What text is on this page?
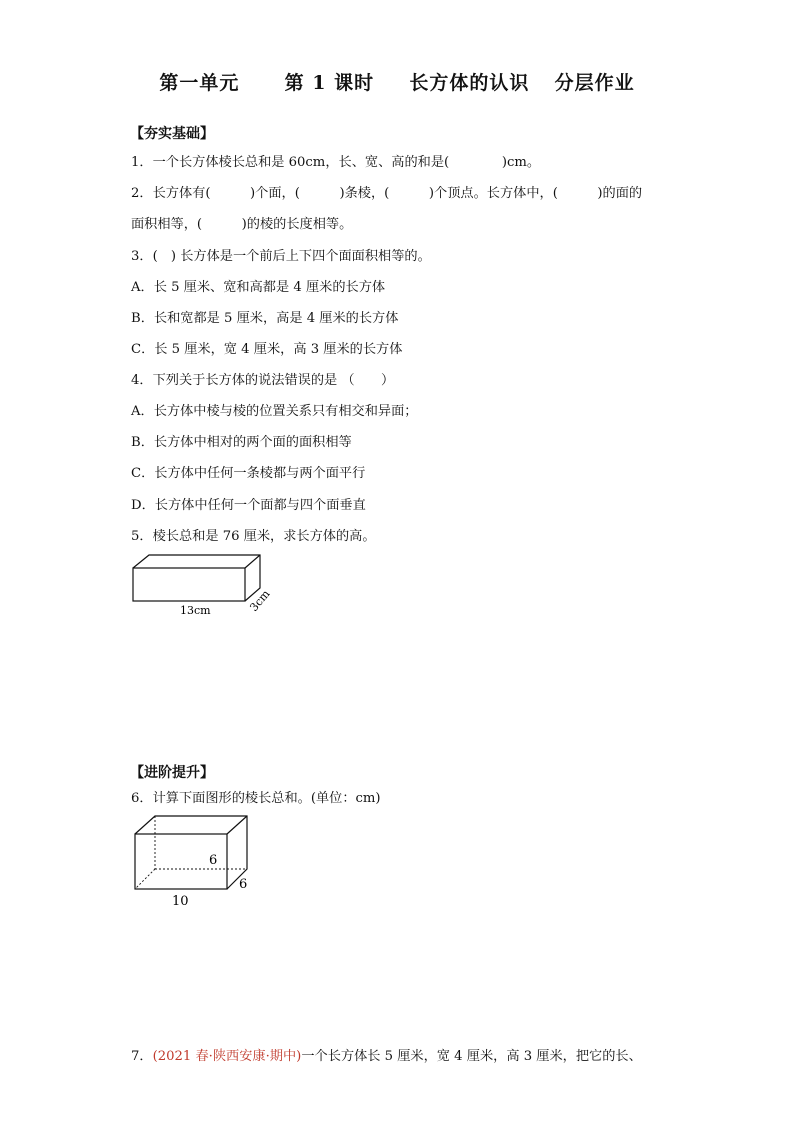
第一单元 第 1 课时 长方体的认识 分层作业
【夯实基础】
1．一个长方体棱长总和是 60cm，长、宽、高的和是(　　　　)cm。
2．长方体有(　　　)个面，(　　　)条棱，(　　　)个顶点。长方体中，(　　　)的面的
面积相等，(　　　)的棱的长度相等。
3．(　) 长方体是一个前后上下四个面面积相等的。
A．长 5 厘米、宽和高都是 4 厘米的长方体
B．长和宽都是 5 厘米，高是 4 厘米的长方体
C．长 5 厘米，宽 4 厘米，高 3 厘米的长方体
4．下列关于长方体的说法错误的是 （　　）
A．长方体中棱与棱的位置关系只有相交和异面；
B．长方体中相对的两个面的面积相等
C．长方体中任何一条棱都与两个面平行
D．长方体中任何一个面都与四个面垂直
5．棱长总和是 76 厘米，求长方体的高。
13cm	3cm
【进阶提升】
6．计算下面图形的棱长总和。(单位：cm)
10
6
6
7．(2021 春·陕西安康·期中)一个长方体长 5 厘米，宽 4 厘米，高 3 厘米，把它的长、
